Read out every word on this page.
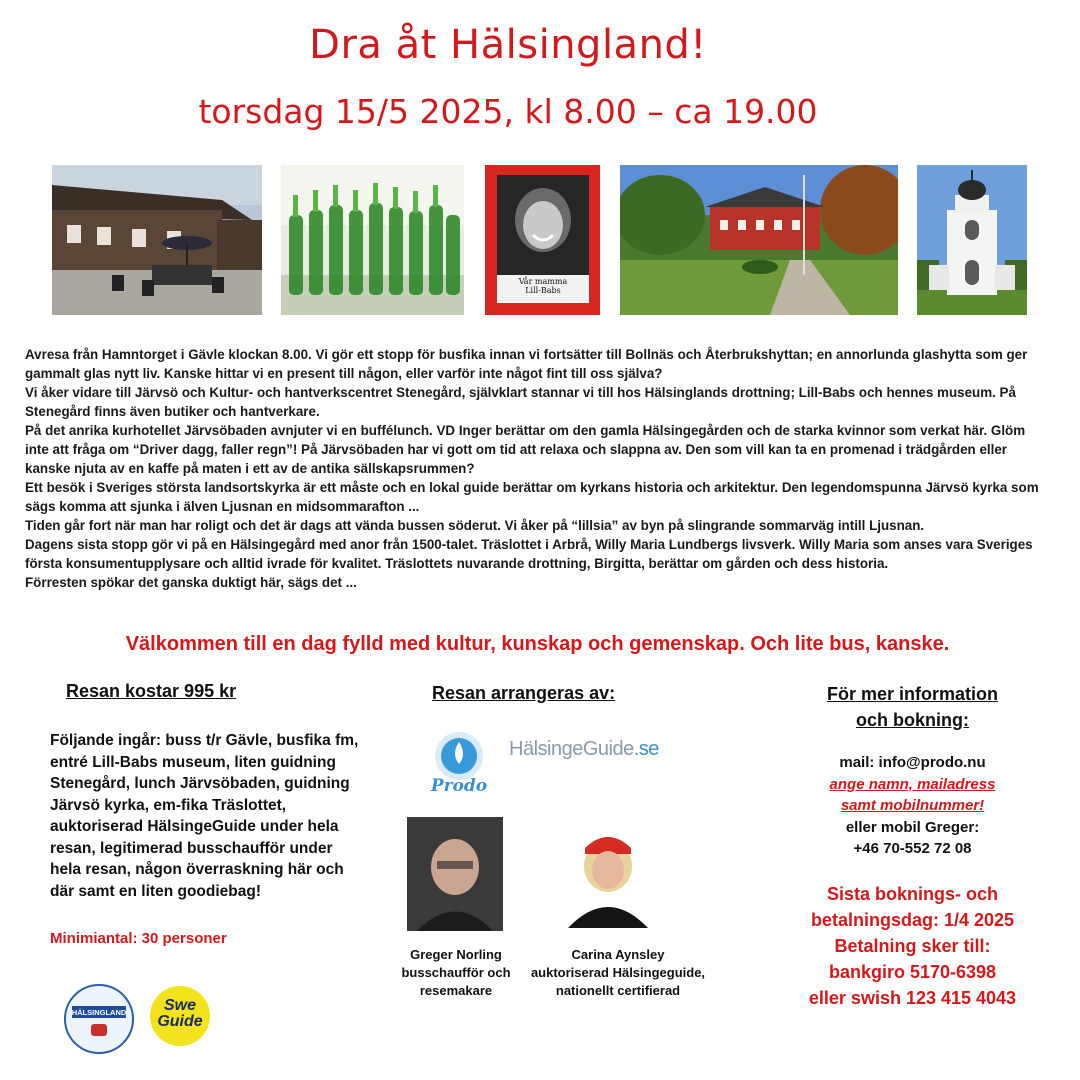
Dra åt Hälsingland!
torsdag 15/5 2025, kl 8.00 – ca 19.00
Vår mamma
Lill-Babs

Avresa från Hamntorget i Gävle klockan 8.00. Vi gör ett stopp för busfika innan vi fortsätter till Bollnäs och Återbrukshyttan; en annorlunda glashytta som ger gammalt glas nytt liv. Kanske hittar vi en present till någon, eller varför inte något fint till oss själva?

Vi åker vidare till Järvsö och Kultur- och hantverkscentret Stenegård, självklart stannar vi till hos Hälsinglands drottning; Lill-Babs och hennes museum. På Stenegård finns även butiker och hantverkare.

På det anrika kurhotellet Järvsöbaden avnjuter vi en buffélunch. VD Inger berättar om den gamla Hälsingegården och de starka kvinnor som verkat här. Glöm inte att fråga om “Driver dagg, faller regn”! På Järvsöbaden har vi gott om tid att relaxa och slappna av. Den som vill kan ta en promenad i trädgården eller kanske njuta av en kaffe på maten i ett av de antika sällskapsrummen?

Ett besök i Sveriges största landsortskyrka är ett måste och en lokal guide berättar om kyrkans historia och arkitektur. Den legendomspunna Järvsö kyrka som sägs komma att sjunka i älven Ljusnan en midsommarafton ...

Tiden går fort när man har roligt och det är dags att vända bussen söderut. Vi åker på “lillsia” av byn på slingrande sommarväg intill Ljusnan.

Dagens sista stopp gör vi på en Hälsingegård med anor från 1500-talet. Träslottet i Arbrå, Willy Maria Lundbergs livsverk. Willy Maria som anses vara Sveriges första konsumentupplysare och alltid ivrade för kvalitet. Träslottets nuvarande drottning, Birgitta, berättar om gården och dess historia.

Förresten spökar det ganska duktigt här, sägs det ...

Välkommen till en dag fylld med kultur, kunskap och gemenskap. Och lite bus, kanske.
Resan kostar 995 kr
Följande ingår: buss t/r Gävle, busfika fm, entré Lill-Babs museum, liten guidning Stenegård, lunch Järvsöbaden, guidning Järvsö kyrka, em-fika Träslottet, auktoriserad HälsingeGuide under hela resan, legitimerad busschaufför under hela resan, någon överraskning här och där samt en liten goodiebag!
Minimiantal: 30 personer
HÄLSINGLAND	Swe
Guide
Resan arrangeras av:
Prodo
HälsingeGuide.se
Greger Norling
busschaufför och
resemakare
Carina Aynsley
auktoriserad Hälsingeguide,
nationellt certifierad
För mer information
och bokning:
mail: info@prodo.nu
ange namn, mailadress
samt mobilnummer!
eller mobil Greger:
+46 70-552 72 08
Sista boknings- och
betalningsdag: 1/4 2025
Betalning sker till:
bankgiro 5170-6398
eller swish 123 415 4043
